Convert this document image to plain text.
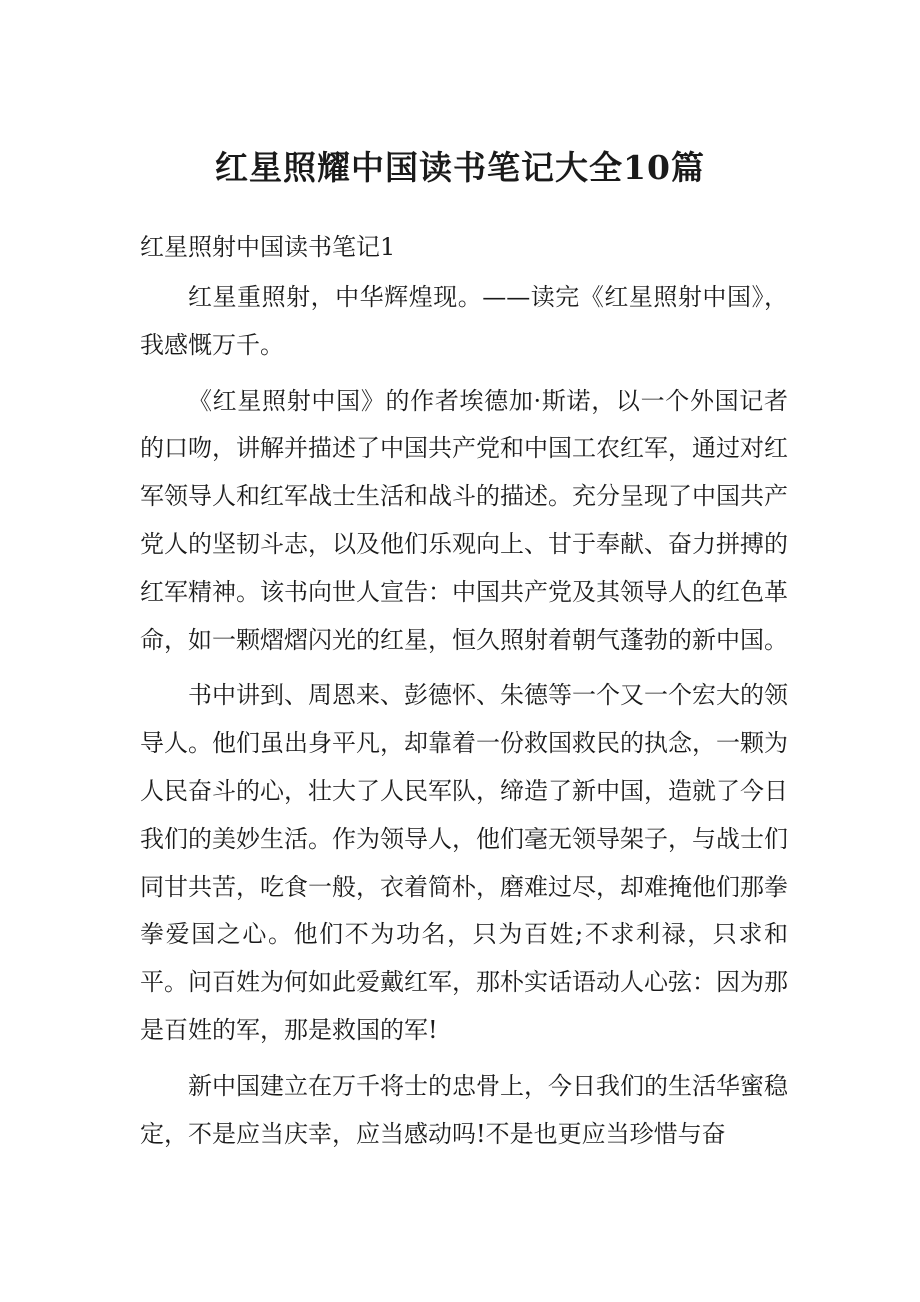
红星照耀中国读书笔记大全10篇
红星照射中国读书笔记1

红星重照射，中华辉煌现。——读完《红星照射中国》，我感慨万千。

《红星照射中国》的作者埃德加·斯诺，以一个外国记者的口吻，讲解并描述了中国共产党和中国工农红军，通过对红军领导人和红军战士生活和战斗的描述。充分呈现了中国共产党人的坚韧斗志，以及他们乐观向上、甘于奉献、奋力拼搏的红军精神。该书向世人宣告：中国共产党及其领导人的红色革命，如一颗熠熠闪光的红星，恒久照射着朝气蓬勃的新中国。

书中讲到、周恩来、彭德怀、朱德等一个又一个宏大的领导人。他们虽出身平凡，却靠着一份救国救民的执念，一颗为人民奋斗的心，壮大了人民军队，缔造了新中国，造就了今日我们的美妙生活。作为领导人，他们毫无领导架子，与战士们同甘共苦，吃食一般，衣着简朴，磨难过尽，却难掩他们那拳拳爱国之心。他们不为功名，只为百姓;不求利禄，只求和平。问百姓为何如此爱戴红军，那朴实话语动人心弦：因为那是百姓的军，那是救国的军!

新中国建立在万千将士的忠骨上，今日我们的生活华蜜稳定，不是应当庆幸，应当感动吗!不是也更应当珍惜与奋
